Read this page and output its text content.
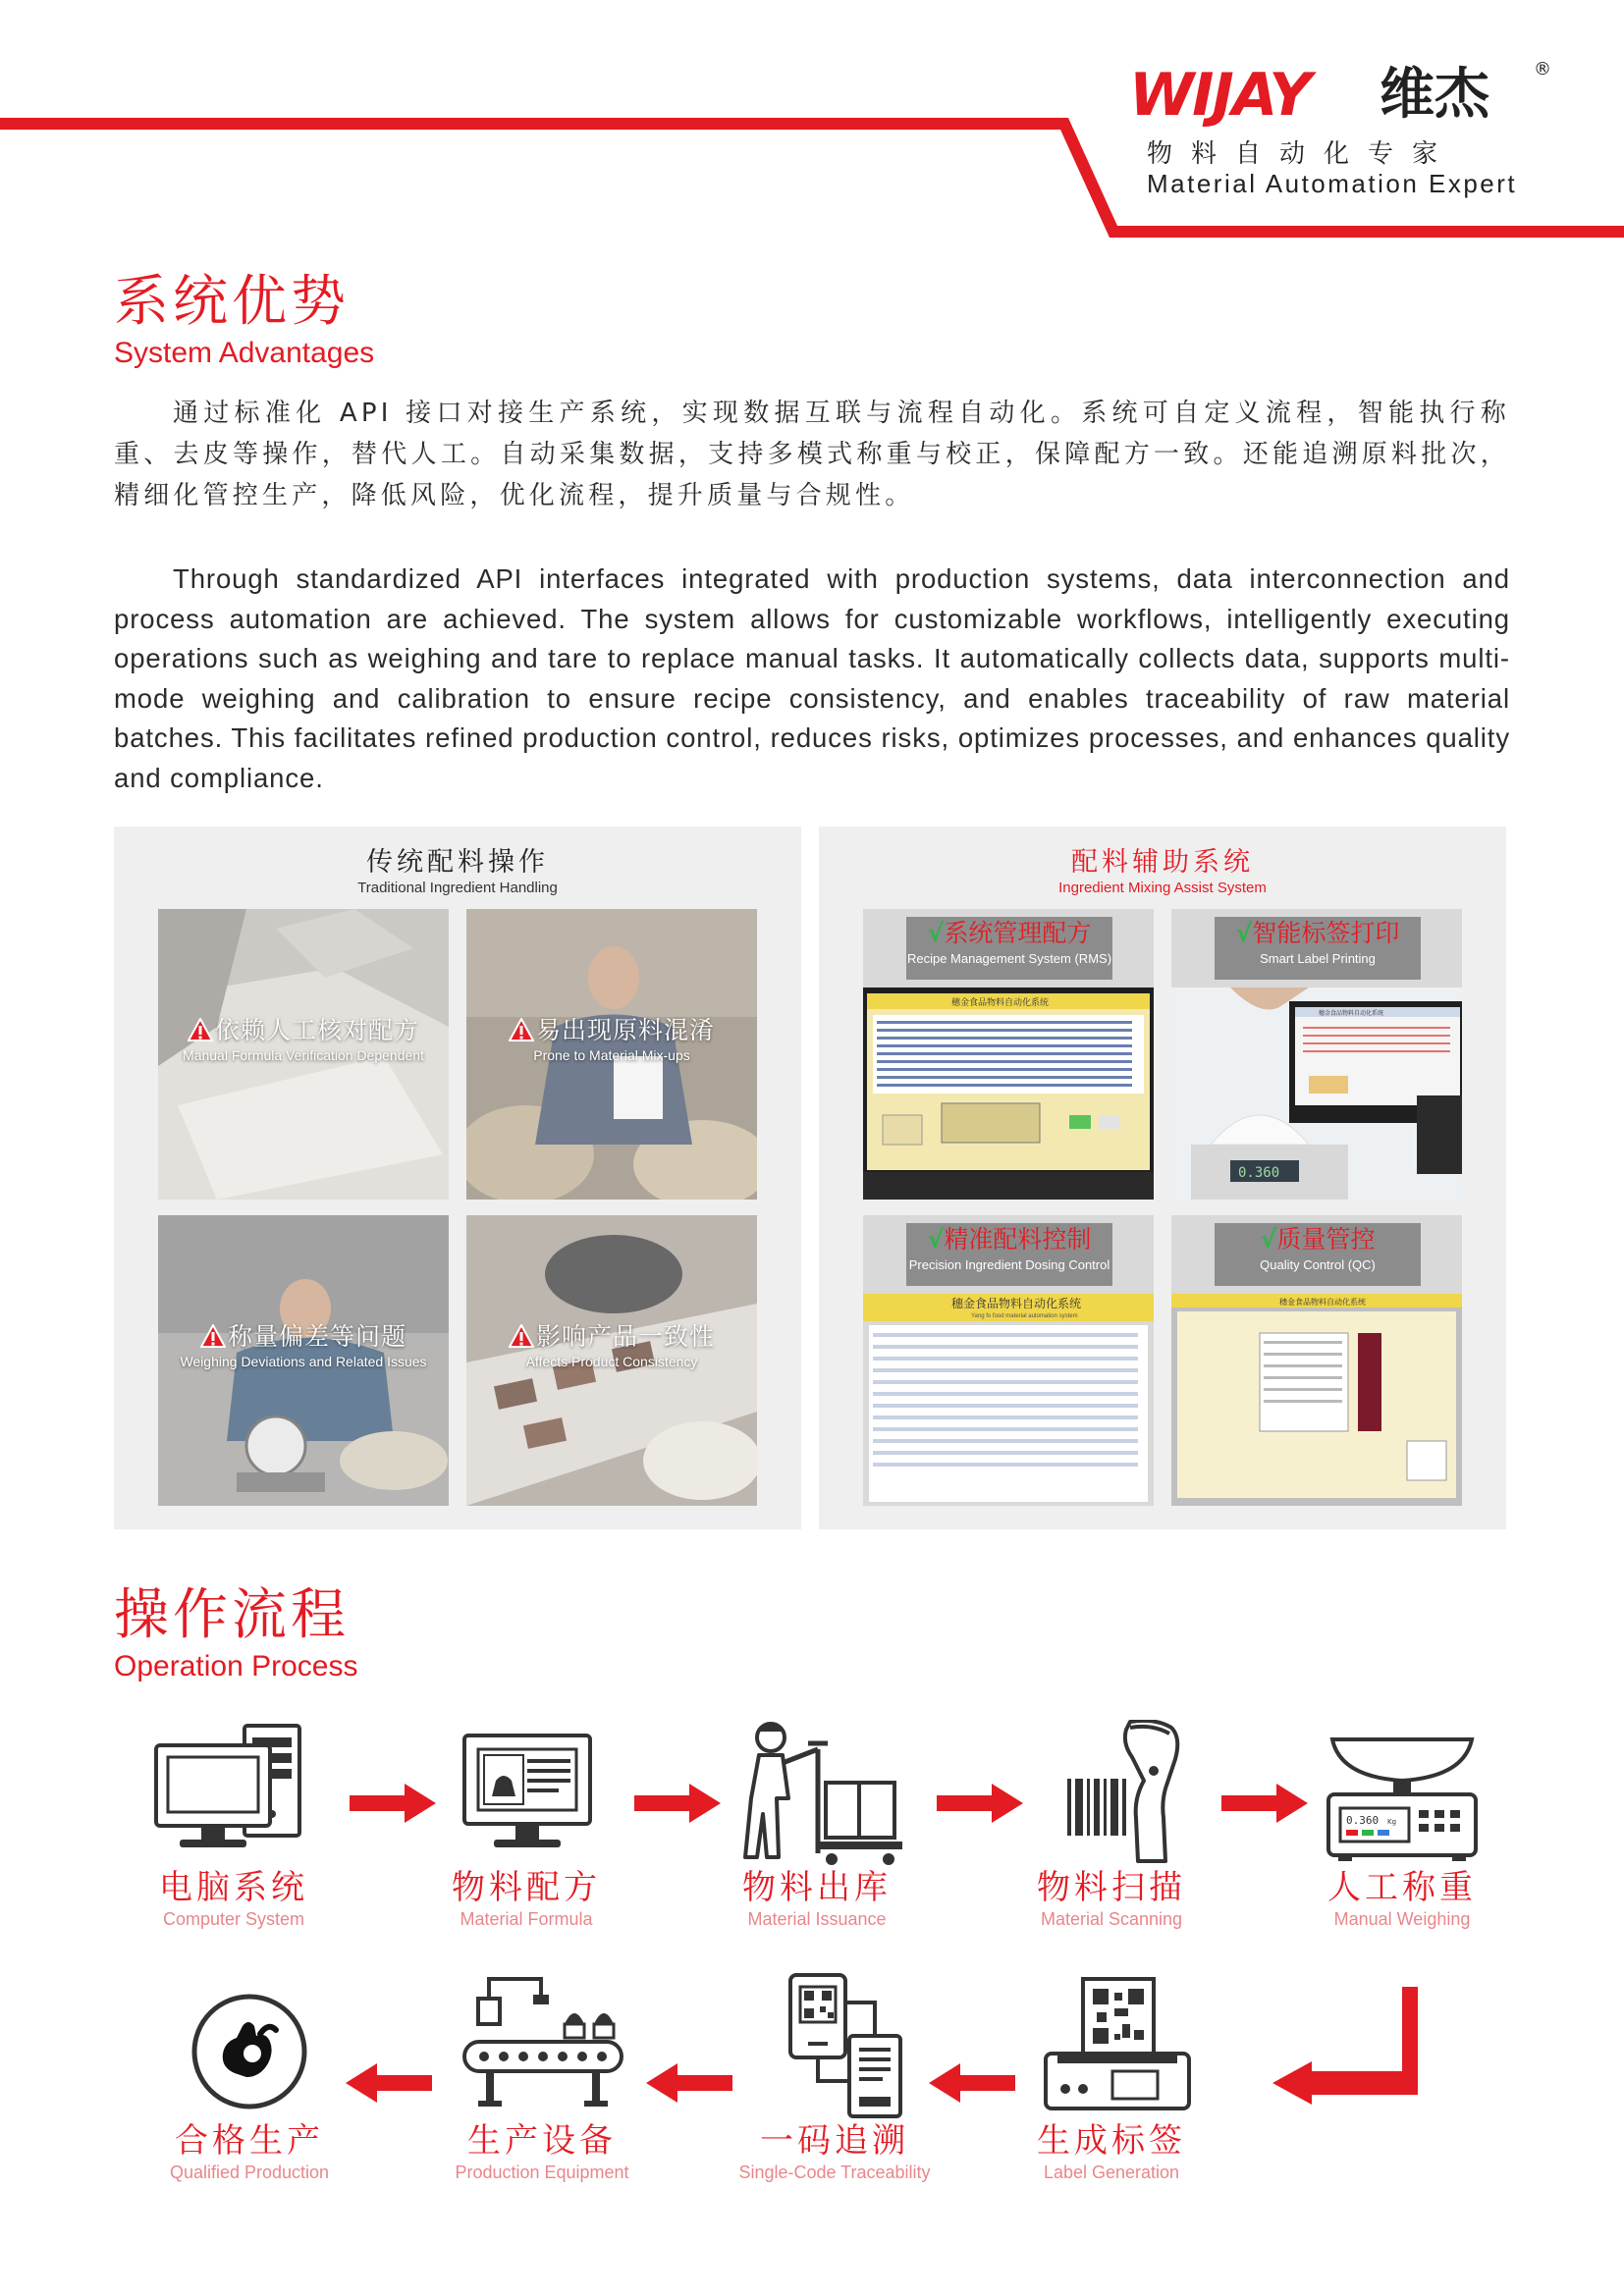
WIJAY 维杰	®
物料自动化专家
Material Automation Expert
系统优势
System Advantages
通过标准化 API 接口对接生产系统，实现数据互联与流程自动化。系统可自定义流程，智能执行称重、去皮等操作，替代人工。自动采集数据，支持多模式称重与校正，保障配方一致。还能追溯原料批次，精细化管控生产，降低风险，优化流程，提升质量与合规性。
Through standardized API interfaces integrated with production systems, data interconnection and process automation are achieved. The system allows for customizable workflows, intelligently executing operations such as weighing and tare to replace manual tasks. It automatically collects data, supports multi-mode weighing and calibration to ensure recipe consistency, and enables traceability of raw material batches. This facilitates refined production control, reduces risks, optimizes processes, and enhances quality and compliance.
传统配料操作
Traditional Ingredient Handling
依赖人工核对配方
Manual Formula Verification Dependent
易出现原料混淆
Prone to Material Mix-ups
称量偏差等问题
Weighing Deviations and Related Issues
影响产品一致性
Affects Product Consistency
配料辅助系统
Ingredient Mixing Assist System
√系统管理配方
Recipe Management System (RMS)
穗金食品物料自动化系统
√智能标签打印
Smart Label Printing
穗金食品物料自动化系统
0.360
√精准配料控制
Precision Ingredient Dosing Control
穗金食品物料自动化系统
Yang fo food material automation system
√质量管控
Quality Control (QC)
穗金食品物料自动化系统
操作流程
Operation Process
电脑系统
Computer System
物料配方
Material Formula
物料出库
Material Issuance
物料扫描
Material Scanning
0.360 Kg
人工称重
Manual Weighing
生成标签
Label Generation
一码追溯
Single-Code Traceability
生产设备
Production Equipment
合格生产
Qualified Production
